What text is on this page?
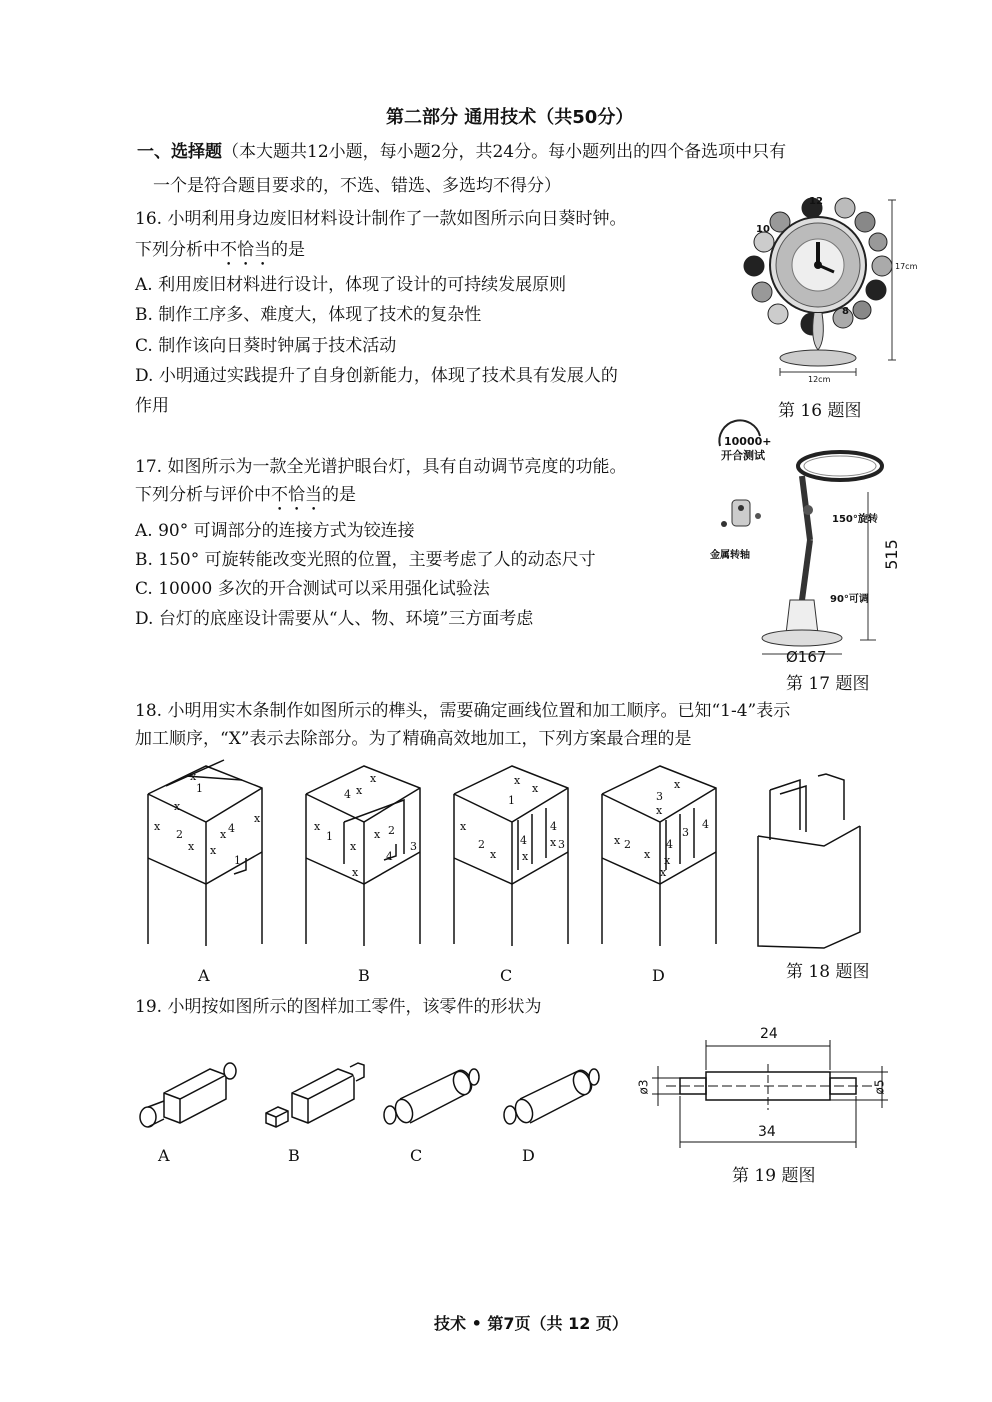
第二部分 通用技术（共50分）
一、选择题（本大题共12小题，每小题2分，共24分。每小题列出的四个备选项中只有
一个是符合题目要求的，不选、错选、多选均不得分）
16. 小明利用身边废旧材料设计制作了一款如图所示向日葵时钟。
下列分析中不恰当的是
A. 利用废旧材料进行设计，体现了设计的可持续发展原则
B. 制作工序多、难度大，体现了技术的复杂性
C. 制作该向日葵时钟属于技术活动
D. 小明通过实践提升了自身创新能力，体现了技术具有发展人的
作用
12
10
8
17cm
12cm
第 16 题图
17. 如图所示为一款全光谱护眼台灯，具有自动调节亮度的功能。
下列分析与评价中不恰当的是
A. 90° 可调部分的连接方式为铰连接
B. 150° 可旋转能改变光照的位置，主要考虑了人的动态尺寸
C. 10000 多次的开合测试可以采用强化试验法
D. 台灯的底座设计需要从“人、物、环境”三方面考虑
10000+
开合测试
金属转轴
150°旋转
90°可调
515
Ø167
第 17 题图
18. 小明用实木条制作如图所示的榫头，需要确定画线位置和加工顺序。已知“1-4”表示
加工顺序，“X”表示去除部分。为了精确高效地加工，下列方案最合理的是
1
2	4
1
x
x x
x
x
x
x
1	2
4
3
4
x
x
x
x
x
x
2	4
4
1
3
x
x x
x
x
x
2	4
3
4
3
x
x x
x
x
x
A	B	C	D	第 18 题图
19. 小明按如图所示的图样加工零件，该零件的形状为
A	B	C	D
24
34
ø3	ø5
第 19 题图
技术 • 第7页（共 12 页）
